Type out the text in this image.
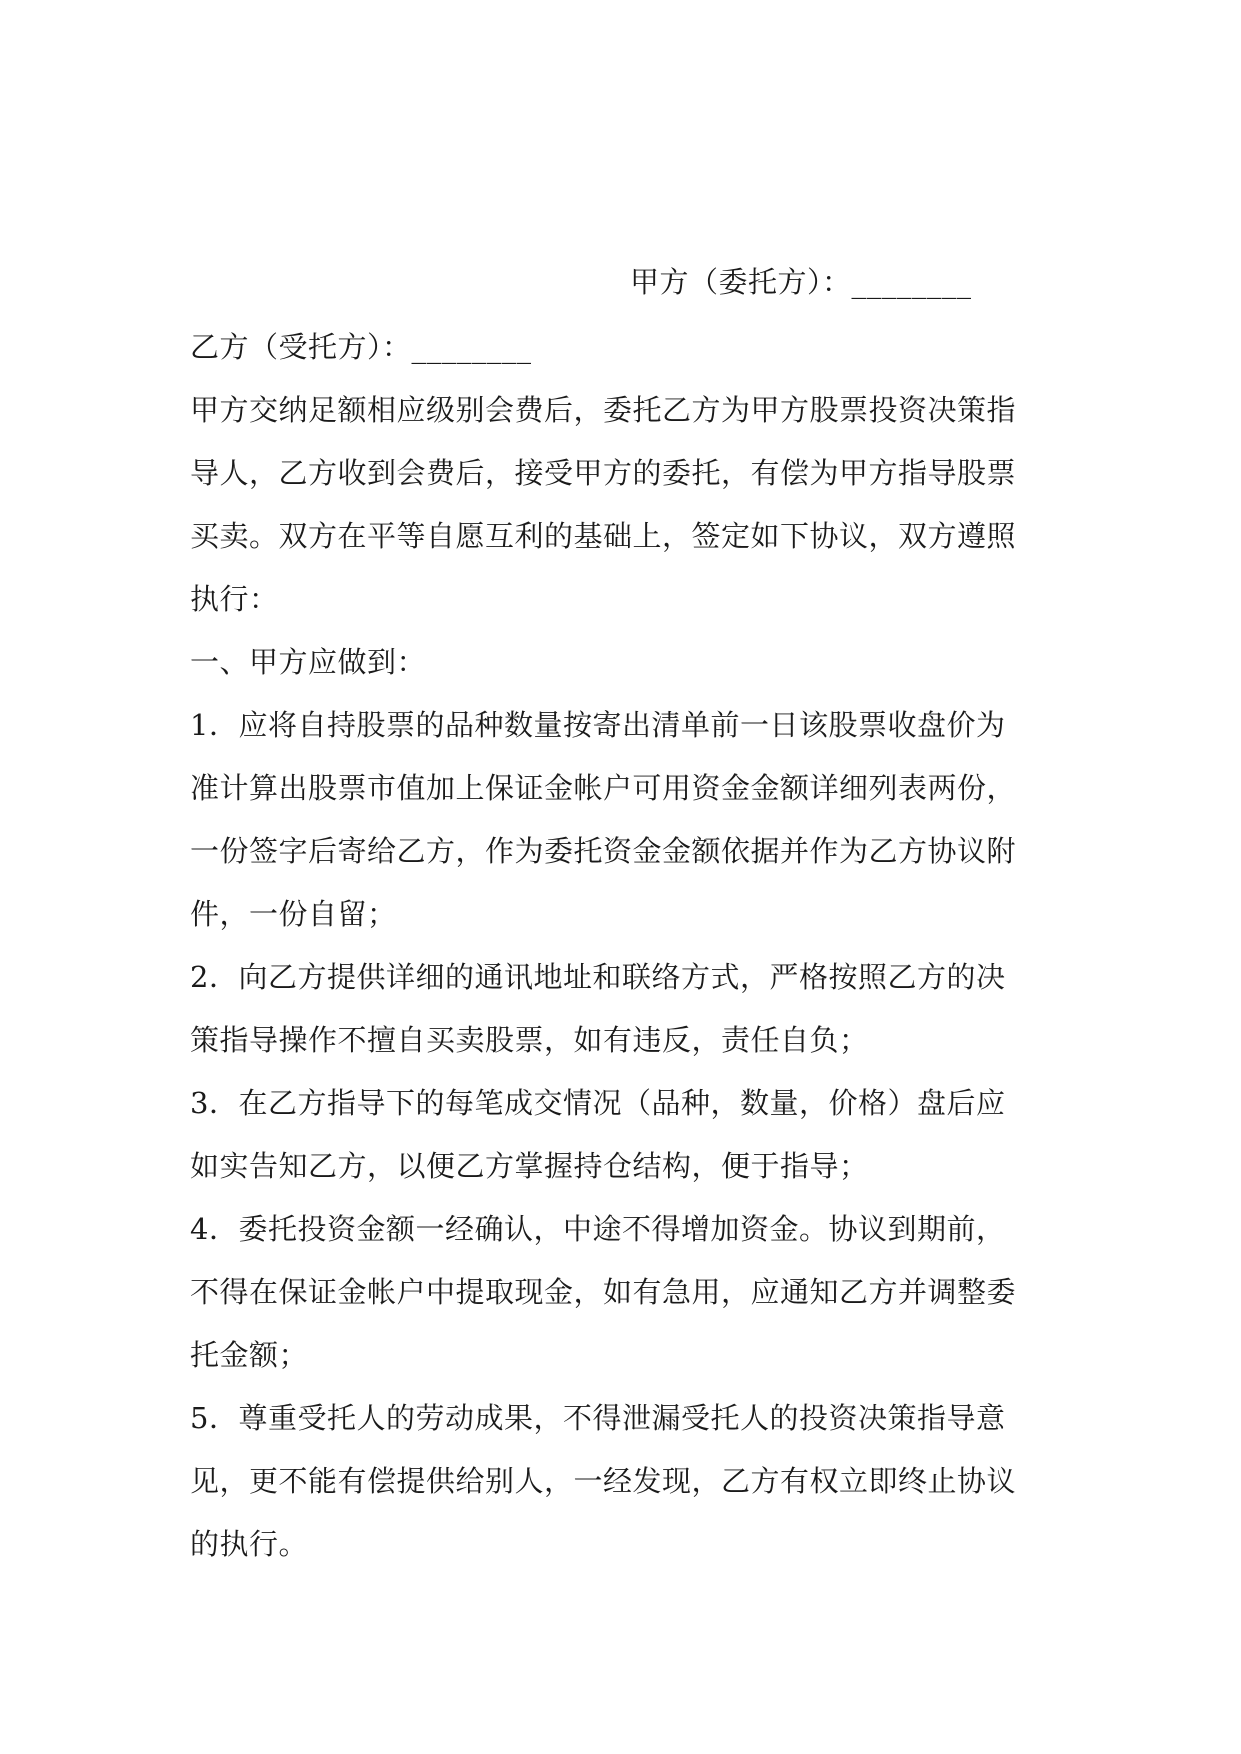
甲方（委托方）：________
乙方（受托方）：________
甲方交纳足额相应级别会费后，委托乙方为甲方股票投资决策指
导人，乙方收到会费后，接受甲方的委托，有偿为甲方指导股票
买卖。双方在平等自愿互利的基础上，签定如下协议，双方遵照
执行：
一、甲方应做到：
1．应将自持股票的品种数量按寄出清单前一日该股票收盘价为
准计算出股票市值加上保证金帐户可用资金金额详细列表两份，
一份签字后寄给乙方，作为委托资金金额依据并作为乙方协议附
件，一份自留；
2．向乙方提供详细的通讯地址和联络方式，严格按照乙方的决
策指导操作不擅自买卖股票，如有违反，责任自负；
3．在乙方指导下的每笔成交情况（品种，数量，价格）盘后应
如实告知乙方，以便乙方掌握持仓结构，便于指导；
4．委托投资金额一经确认，中途不得增加资金。协议到期前，
不得在保证金帐户中提取现金，如有急用，应通知乙方并调整委
托金额；
5．尊重受托人的劳动成果，不得泄漏受托人的投资决策指导意
见，更不能有偿提供给别人，一经发现，乙方有权立即终止协议
的执行。
